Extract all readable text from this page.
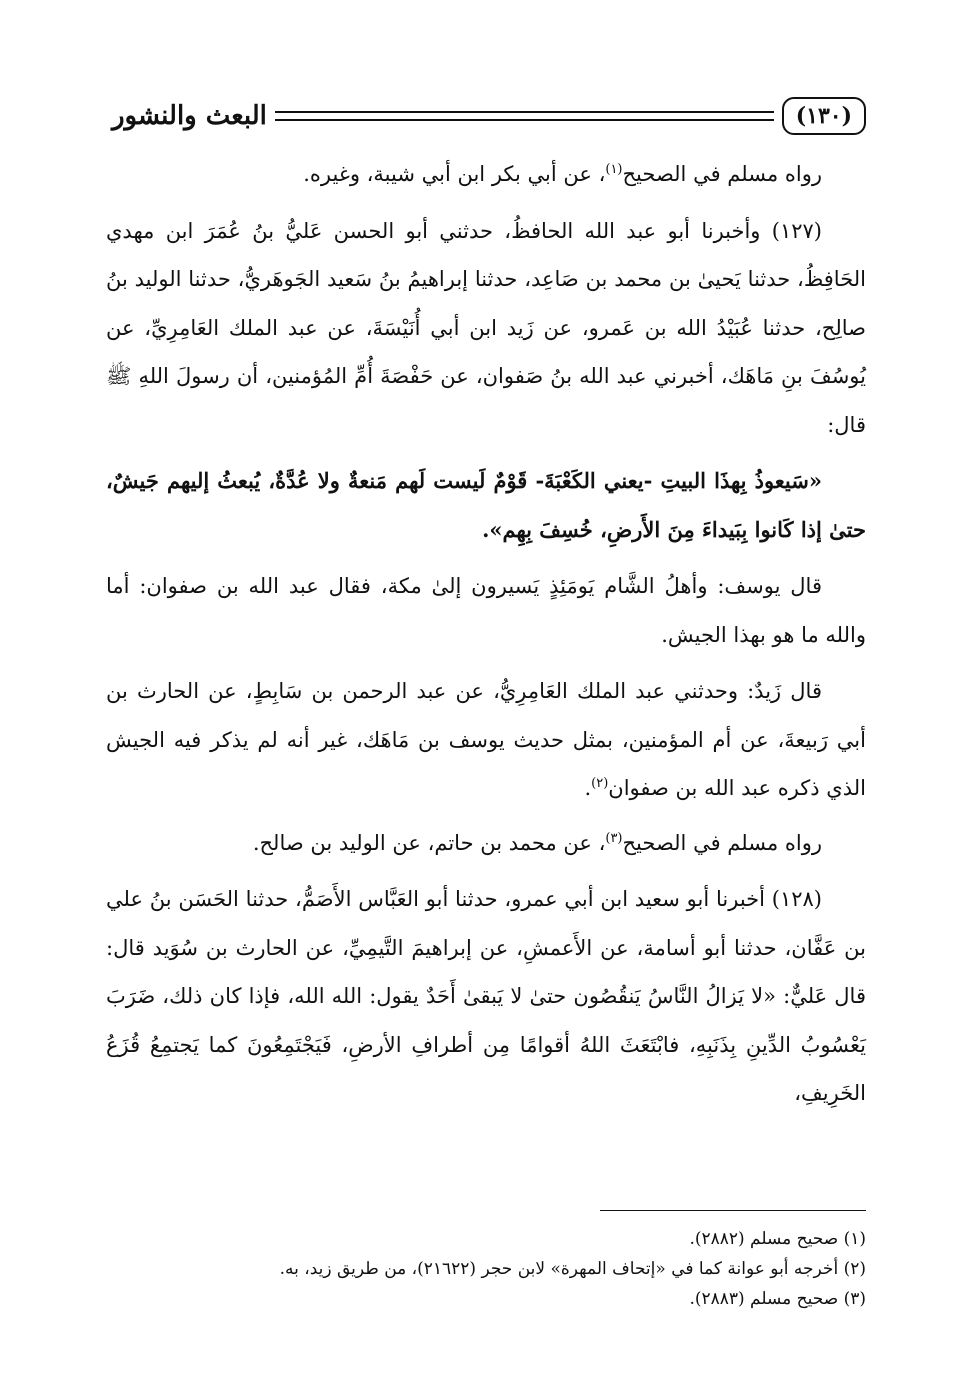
(١٣٠)
البعث والنشور

رواه مسلم في الصحيح$^{(١)}$، عن أبي بكر ابن أبي شيبة، وغيره.

(١٢٧) وأخبرنا أبو عبد الله الحافظُ، حدثني أبو الحسن عَليُّ بنُ عُمَرَ ابن مهدي الحَافِظُ، حدثنا يَحيىٰ بن محمد بن صَاعِد، حدثنا إبراهيمُ بنُ سَعيد الجَوهَريُّ، حدثنا الوليد بنُ صالِح، حدثنا عُبَيْدُ الله بن عَمرو، عن زَيد ابن أبي أُنَيْسَةَ، عن عبد الملك العَامِرِيِّ، عن يُوسُفَ بنِ مَاهَك، أخبرني عبد الله بنُ صَفوان، عن حَفْصَةَ أُمِّ المُؤمنين، أن رسولَ اللهِ ﷺ قال:

«سَيعوذُ بِهذَا البيتِ -يعني الكَعْبَةَ- قَوْمٌ لَيست لَهم مَنعةٌ ولا عُدَّةٌ، يُبعثُ إليهم جَيشٌ، حتىٰ إذا كَانوا بِبَيداءَ مِنَ الأَرضِ، خُسِفَ بِهِم».

قال يوسف: وأهلُ الشَّام يَومَئِذٍ يَسيرون إلىٰ مكة، فقال عبد الله بن صفوان: أما والله ما هو بهذا الجيش.

قال زَيدٌ: وحدثني عبد الملك العَامِرِيُّ، عن عبد الرحمن بن سَابِطٍ، عن الحارث بن أبي رَبيعةَ، عن أم المؤمنين، بمثل حديث يوسف بن مَاهَك، غير أنه لم يذكر فيه الجيش الذي ذكره عبد الله بن صفوان$^{(٢)}$.

رواه مسلم في الصحيح$^{(٣)}$، عن محمد بن حاتم، عن الوليد بن صالح.

(١٢٨) أخبرنا أبو سعيد ابن أبي عمرو، حدثنا أبو العَبَّاس الأَصَمُّ، حدثنا الحَسَن بنُ علي بن عَفَّان، حدثنا أبو أسامة، عن الأَعمشِ، عن إبراهيمَ التَّيمِيِّ، عن الحارث بن سُوَيد قال: قال عَليٌّ: «لا يَزالُ النَّاسُ يَنقُصُون حتىٰ لا يَبقىٰ أَحَدٌ يقول: الله الله، فإذا كان ذلك، ضَرَبَ يَعْسُوبُ الدِّينِ بِذَنَبِهِ، فابْتَعَثَ اللهُ أقوامًا مِن أطرافِ الأرضِ، فَيَجْتَمِعُونَ كما يَجتمِعُ قُزَعُ الخَرِيفِ،

(١) صحيح مسلم (٢٨٨٢).

(٢) أخرجه أبو عوانة كما في «إتحاف المهرة» لابن حجر (٢١٦٢٢)، من طريق زيد، به.

(٣) صحيح مسلم (٢٨٨٣).
